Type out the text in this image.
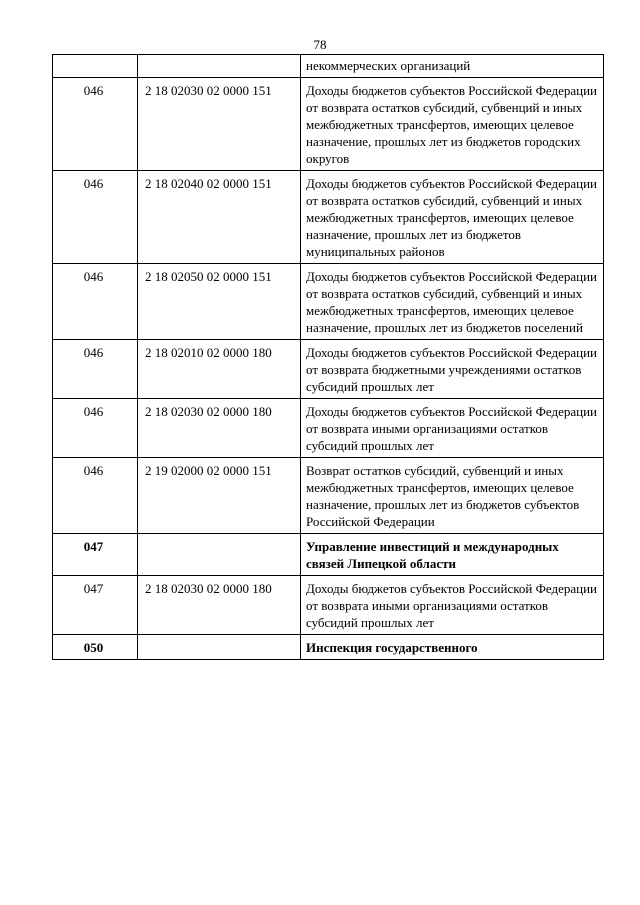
78
		некоммерческих организаций
046	2 18 02030 02 0000 151	Доходы бюджетов субъектов Российской Федерации от возврата остатков субсидий, субвенций и иных межбюджетных трансфертов, имеющих целевое назначение, прошлых лет из бюджетов городских округов
046	2 18 02040 02 0000 151	Доходы бюджетов субъектов Российской Федерации от возврата остатков субсидий, субвенций и иных межбюджетных трансфертов, имеющих целевое назначение, прошлых лет из бюджетов муниципальных районов
046	2 18 02050 02 0000 151	Доходы бюджетов субъектов Российской Федерации от возврата остатков субсидий, субвенций и иных межбюджетных трансфертов, имеющих целевое назначение, прошлых лет из бюджетов поселений
046	2 18 02010 02 0000 180	Доходы бюджетов субъектов Российской Федерации от возврата бюджетными учреждениями остатков субсидий прошлых лет
046	2 18 02030 02 0000 180	Доходы бюджетов субъектов Российской Федерации от возврата иными организациями остатков субсидий прошлых лет
046	2 19 02000 02 0000 151	Возврат остатков субсидий, субвенций и иных межбюджетных трансфертов, имеющих целевое назначение, прошлых лет из бюджетов субъектов Российской Федерации
047		Управление инвестиций и международных связей Липецкой области
047	2 18 02030 02 0000 180	Доходы бюджетов субъектов Российской Федерации от возврата иными организациями остатков субсидий прошлых лет
050		Инспекция государственного
